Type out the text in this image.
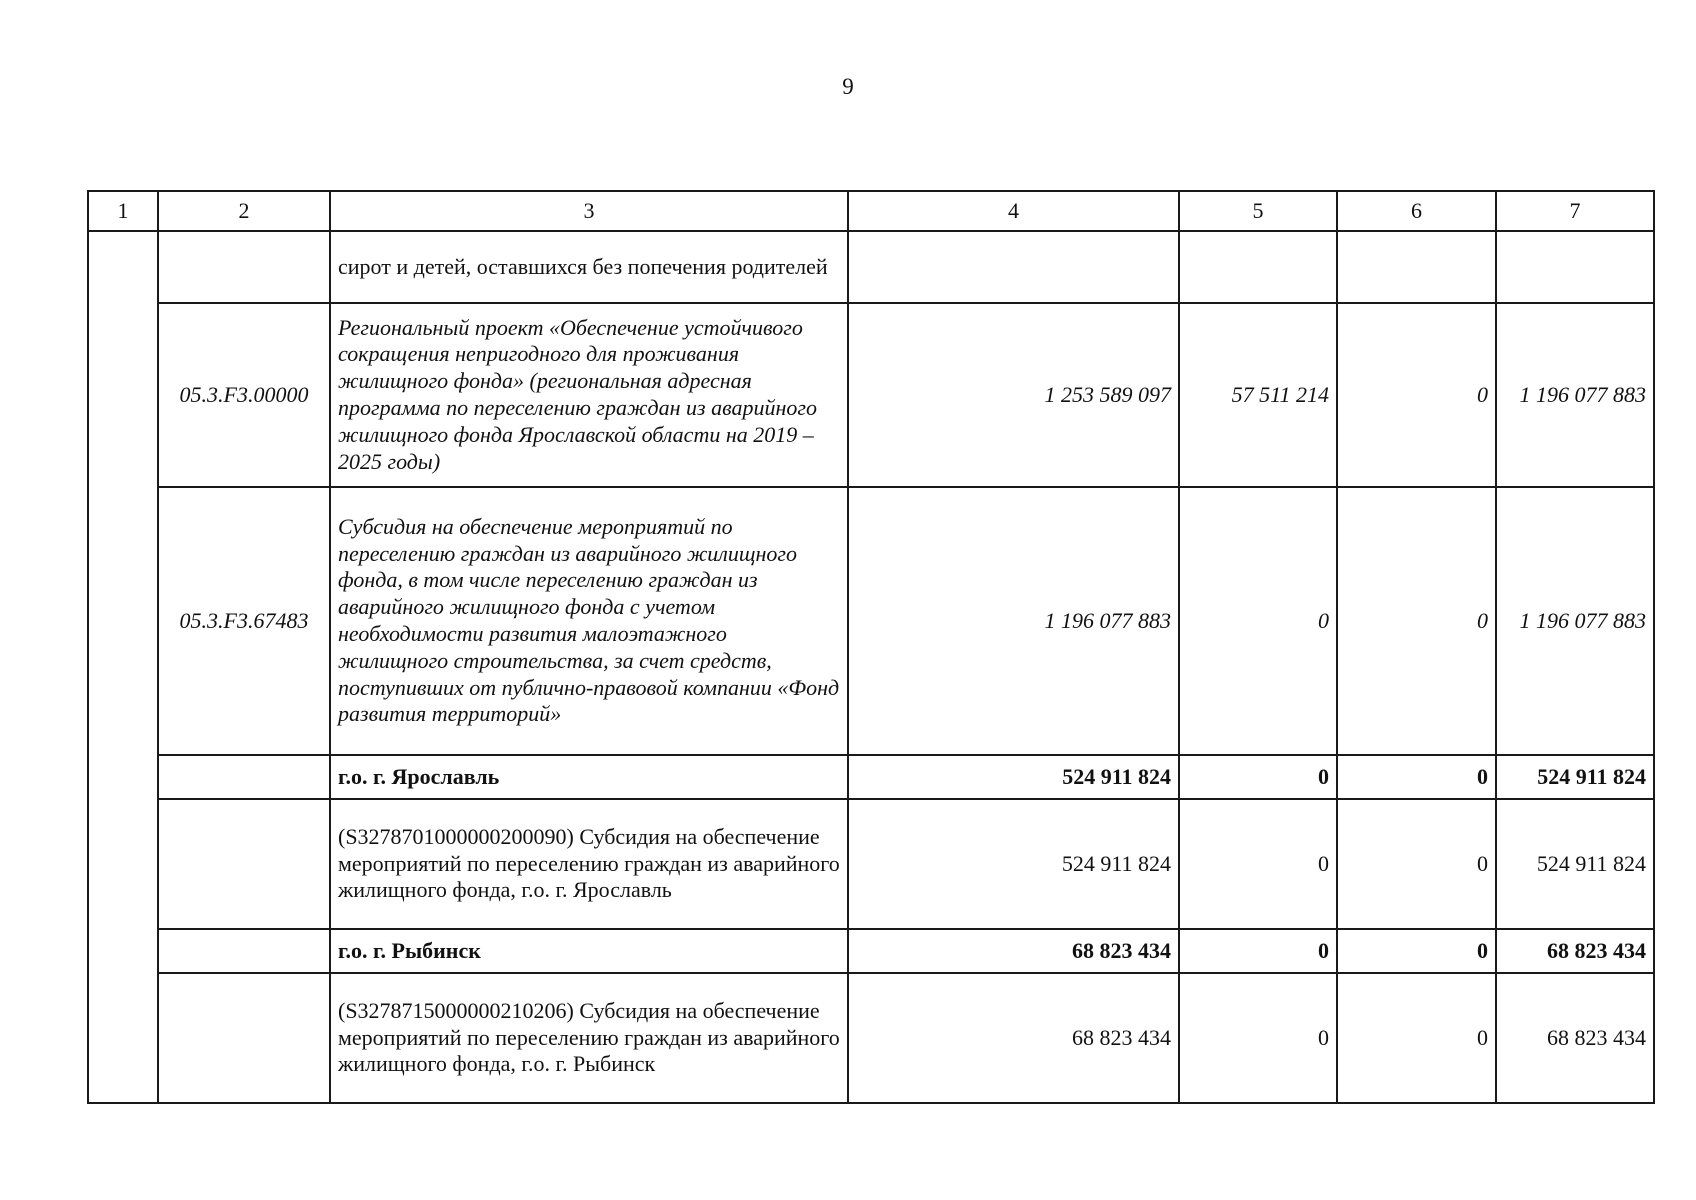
9
1	2	3	4	5	6	7
		сирот и детей, оставшихся без попечения родителей				
	05.3.F3.00000	Региональный проект «Обеспечение устойчивого сокращения непригодного для проживания жилищного фонда» (региональная адресная программа по переселению граждан из аварийного жилищного фонда Ярославской области на 2019 – 2025 годы)	1 253 589 097	57 511 214	0	1 196 077 883
	05.3.F3.67483	Субсидия на обеспечение мероприятий по переселению граждан из аварийного жилищного фонда, в том числе переселению граждан из аварийного жилищного фонда с учетом необходимости развития малоэтажного жилищного строительства, за счет средств, поступивших от публично-правовой компании «Фонд развития территорий»	1 196 077 883	0	0	1 196 077 883
		г.о. г. Ярославль	524 911 824	0	0	524 911 824
		(S327870100000020009​0) Субсидия на обеспечение мероприятий по переселению граждан из аварийного жилищного фонда, г.о. г. Ярославль	524 911 824	0	0	524 911 824
		г.о. г. Рыбинск	68 823 434	0	0	68 823 434
		(S327871500000021020​6) Субсидия на обеспечение мероприятий по переселению граждан из аварийного жилищного фонда, г.о. г. Рыбинск	68 823 434	0	0	68 823 434
